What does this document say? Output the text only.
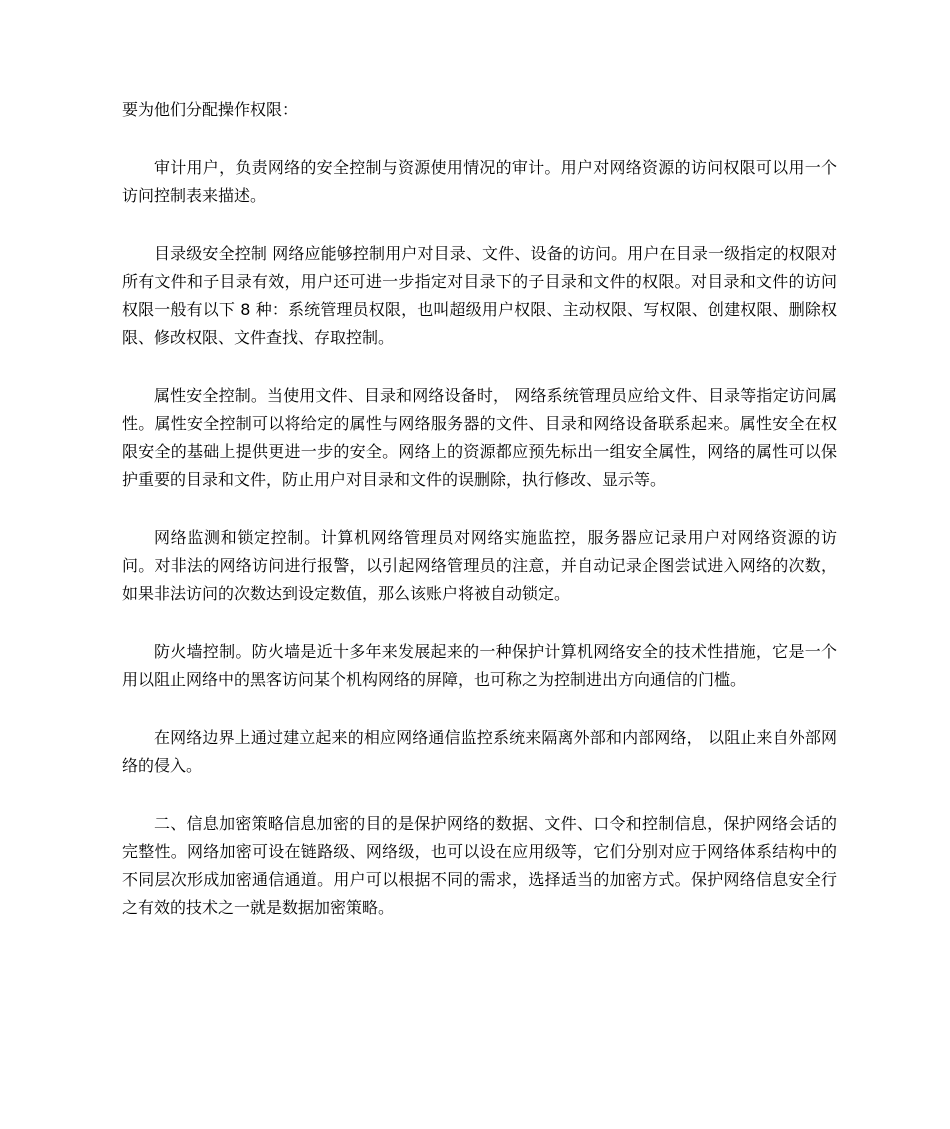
要为他们分配操作权限：

审计用户，负责网络的安全控制与资源使用情况的审计。用户对网络资源的访问权限可以用一个访问控制表来描述。

目录级安全控制 网络应能够控制用户对目录、文件、设备的访问。用户在目录一级指定的权限对所有文件和子目录有效，用户还可进一步指定对目录下的子目录和文件的权限。对目录和文件的访问权限一般有以下 8 种：系统管理员权限，也叫超级用户权限、主动权限、写权限、创建权限、删除权限、修改权限、文件查找、存取控制。

属性安全控制。当使用文件、目录和网络设备时， 网络系统管理员应给文件、目录等指定访问属性。属性安全控制可以将给定的属性与网络服务器的文件、目录和网络设备联系起来。属性安全在权限安全的基础上提供更进一步的安全。网络上的资源都应预先标出一组安全属性，网络的属性可以保护重要的目录和文件，防止用户对目录和文件的误删除，执行修改、显示等。

网络监测和锁定控制。计算机网络管理员对网络实施监控，服务器应记录用户对网络资源的访问。对非法的网络访问进行报警，以引起网络管理员的注意，并自动记录企图尝试进入网络的次数，如果非法访问的次数达到设定数值，那么该账户将被自动锁定。

防火墙控制。防火墙是近十多年来发展起来的一种保护计算机网络安全的技术性措施，它是一个用以阻止网络中的黑客访问某个机构网络的屏障，也可称之为控制进出方向通信的门槛。

在网络边界上通过建立起来的相应网络通信监控系统来隔离外部和内部网络， 以阻止来自外部网络的侵入。

二、信息加密策略信息加密的目的是保护网络的数据、文件、口令和控制信息，保护网络会话的完整性。网络加密可设在链路级、网络级，也可以设在应用级等，它们分别对应于网络体系结构中的不同层次形成加密通信通道。用户可以根据不同的需求，选择适当的加密方式。保护网络信息安全行之有效的技术之一就是数据加密策略。
